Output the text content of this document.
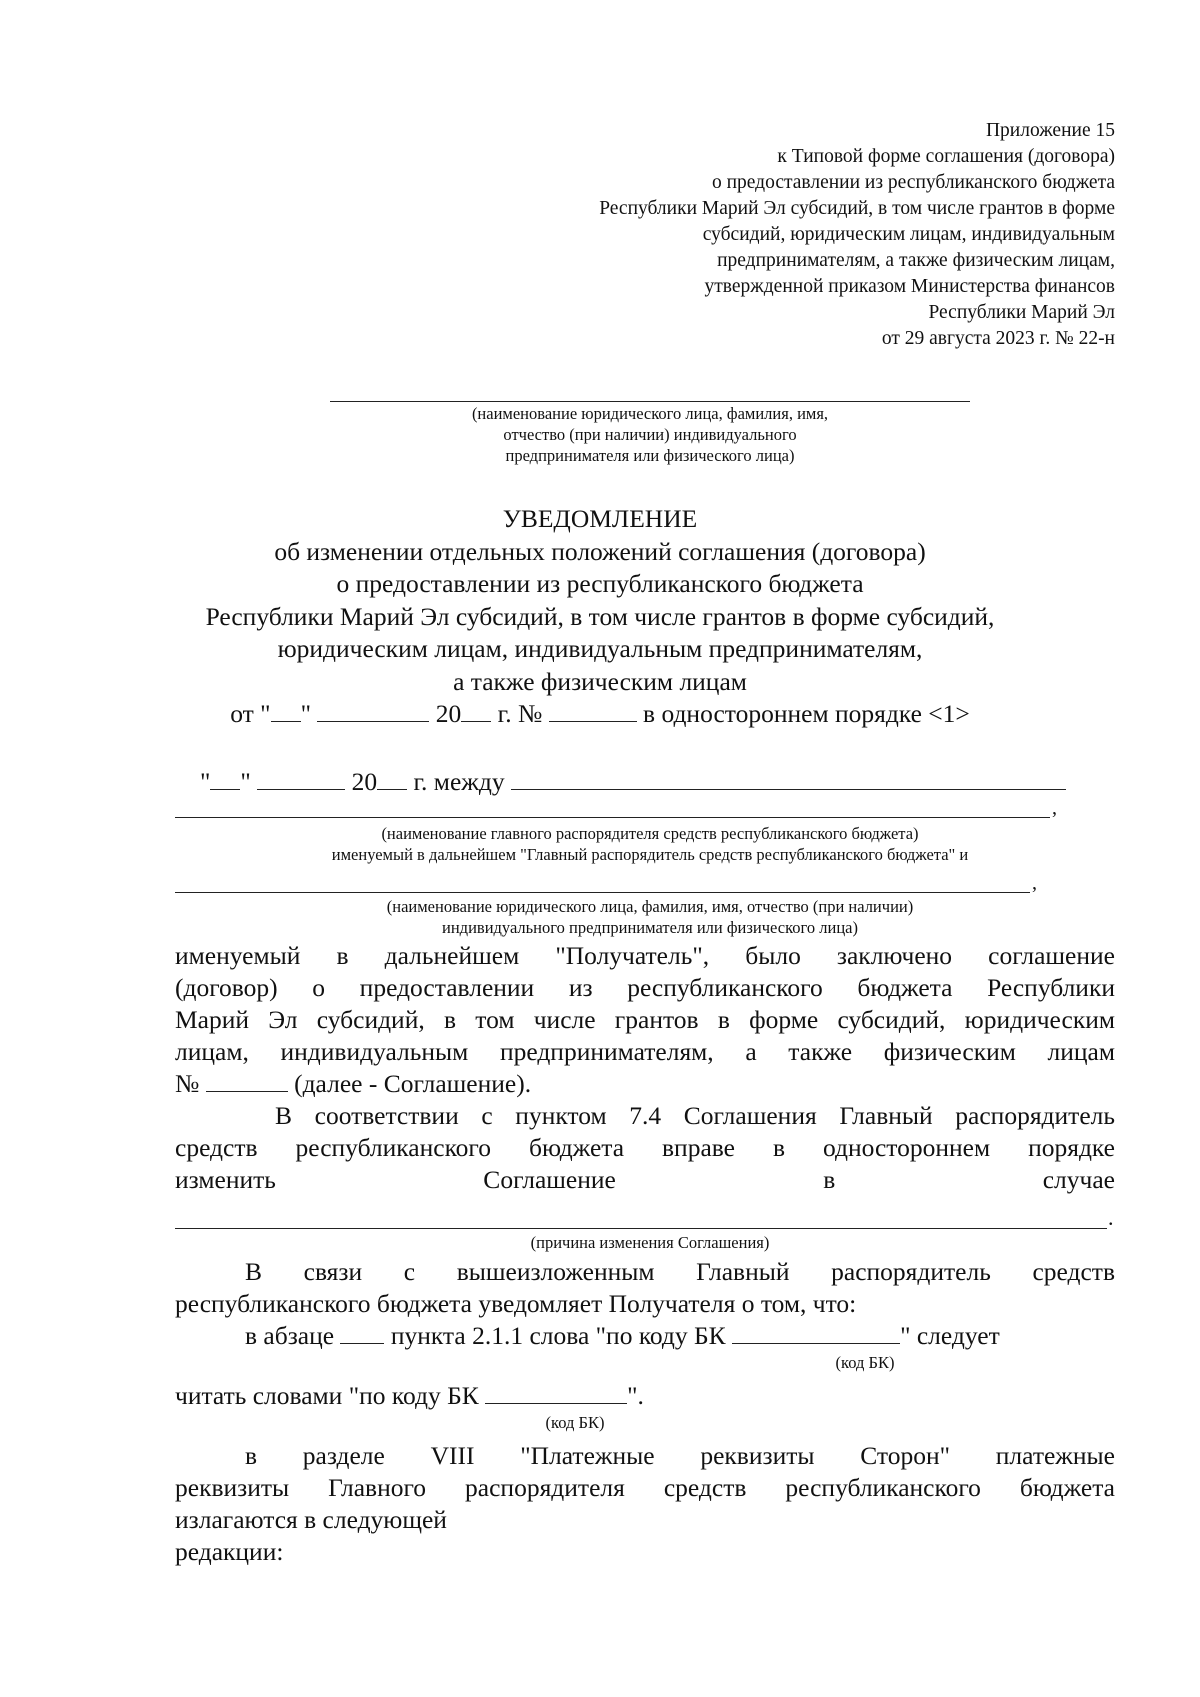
Приложение 15
к Типовой форме соглашения (договора)
о предоставлении из республиканского бюджета
Республики Марий Эл субсидий, в том числе грантов в форме
субсидий, юридическим лицам, индивидуальным
предпринимателям, а также физическим лицам,
утвержденной приказом Министерства финансов
Республики Марий Эл
от 29 августа 2023 г. № 22-н
(наименование юридического лица, фамилия, имя,
отчество (при наличии) индивидуального
предпринимателя или физического лица)
УВЕДОМЛЕНИЕ
об изменении отдельных положений соглашения (договора)
о предоставлении из республиканского бюджета
Республики Марий Эл субсидий, в том числе грантов в форме субсидий,
юридическим лицам, индивидуальным предпринимателям,
а также физическим лицам
от " "	20 г. №	в одностороннем порядке <1>
" "	20 г. между
,
(наименование главного распорядителя средств республиканского бюджета)
именуемый в дальнейшем "Главный распорядитель средств республиканского бюджета" и
,
(наименование юридического лица, фамилия, имя, отчество (при наличии)
индивидуального предпринимателя или физического лица)
именуемый в дальнейшем "Получатель", было заключено соглашение
(договор) о предоставлении из республиканского бюджета Республики
Марий Эл субсидий, в том числе грантов в форме субсидий, юридическим
лицам, индивидуальным предпринимателям, а также физическим лицам
№	(далее - Соглашение).
В соответствии с пунктом 7.4 Соглашения Главный распорядитель
средств республиканского бюджета вправе в одностороннем порядке
изменить Соглашение в случае
.
(причина изменения Соглашения)
В связи с вышеизложенным Главный распорядитель средств
республиканского бюджета уведомляет Получателя о том, что:
в абзаце пункта 2.1.1 слова "по коду БК	" следует
(код БК)
читать словами "по коду БК	".
(код БК)
в разделе VIII "Платежные реквизиты Сторон" платежные
реквизиты Главного распорядителя средств республиканского бюджета
излагаются в следующей
редакции:
